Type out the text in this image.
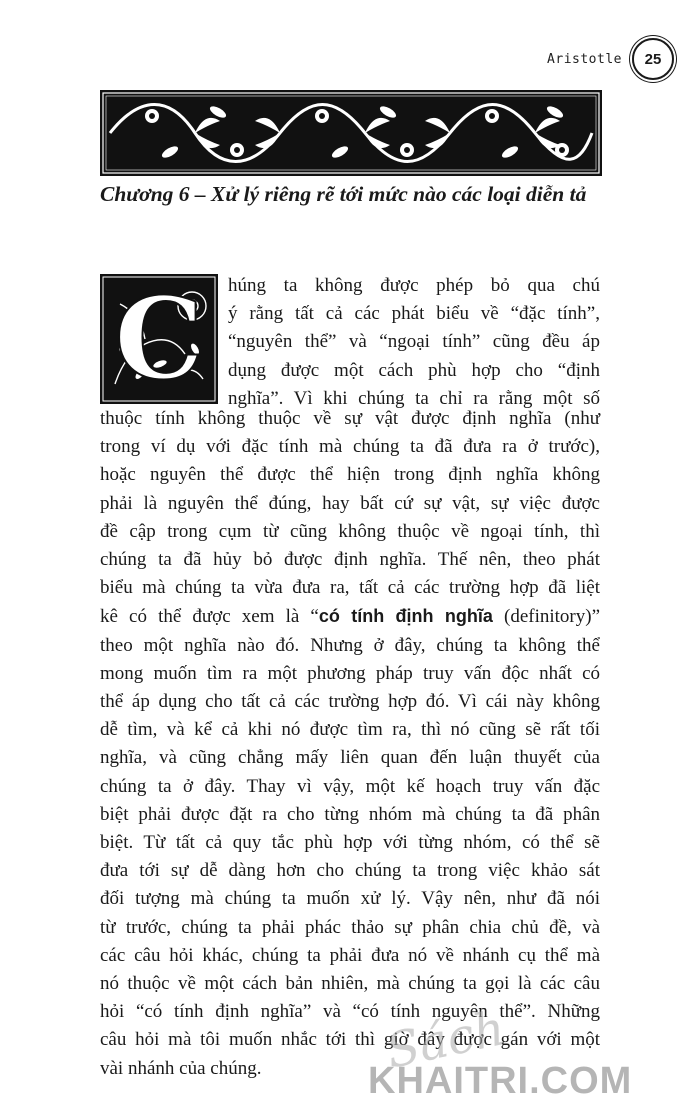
Aristotle	25
Chương 6 – Xử lý riêng rẽ tới mức nào các loại diễn tả
C húng ta không được phép bỏ qua chú
ý rằng tất cả các phát biểu về “đặc tính”,
“nguyên thể” và “ngoại tính” cũng đều áp
dụng được một cách phù hợp cho “định
nghĩa”. Vì khi chúng ta chỉ ra rằng một số
thuộc tính không thuộc về sự vật được định nghĩa (như
trong ví dụ với đặc tính mà chúng ta đã đưa ra ở trước),
hoặc nguyên thể được thể hiện trong định nghĩa không
phải là nguyên thể đúng, hay bất cứ sự vật, sự việc được
đề cập trong cụm từ cũng không thuộc về ngoại tính, thì
chúng ta đã hủy bỏ được định nghĩa. Thế nên, theo phát
biểu mà chúng ta vừa đưa ra, tất cả các trường hợp đã liệt
kê có thể được xem là “có tính định nghĩa (definitory)”
theo một nghĩa nào đó. Nhưng ở đây, chúng ta không thể
mong muốn tìm ra một phương pháp truy vấn độc nhất có
thể áp dụng cho tất cả các trường hợp đó. Vì cái này không
dễ tìm, và kể cả khi nó được tìm ra, thì nó cũng sẽ rất tối
nghĩa, và cũng chẳng mấy liên quan đến luận thuyết của
chúng ta ở đây. Thay vì vậy, một kế hoạch truy vấn đặc
biệt phải được đặt ra cho từng nhóm mà chúng ta đã phân
biệt. Từ tất cả quy tắc phù hợp với từng nhóm, có thể sẽ
đưa tới sự dễ dàng hơn cho chúng ta trong việc khảo sát
đối tượng mà chúng ta muốn xử lý. Vậy nên, như đã nói
từ trước, chúng ta phải phác thảo sự phân chia chủ đề, và
các câu hỏi khác, chúng ta phải đưa nó về nhánh cụ thể mà
nó thuộc về một cách bản nhiên, mà chúng ta gọi là các câu
hỏi “có tính định nghĩa” và “có tính nguyên thể”. Những
câu hỏi mà tôi muốn nhắc tới thì giờ đây được gán với một
vài nhánh của chúng.	Sách
KHAITRI.COM
